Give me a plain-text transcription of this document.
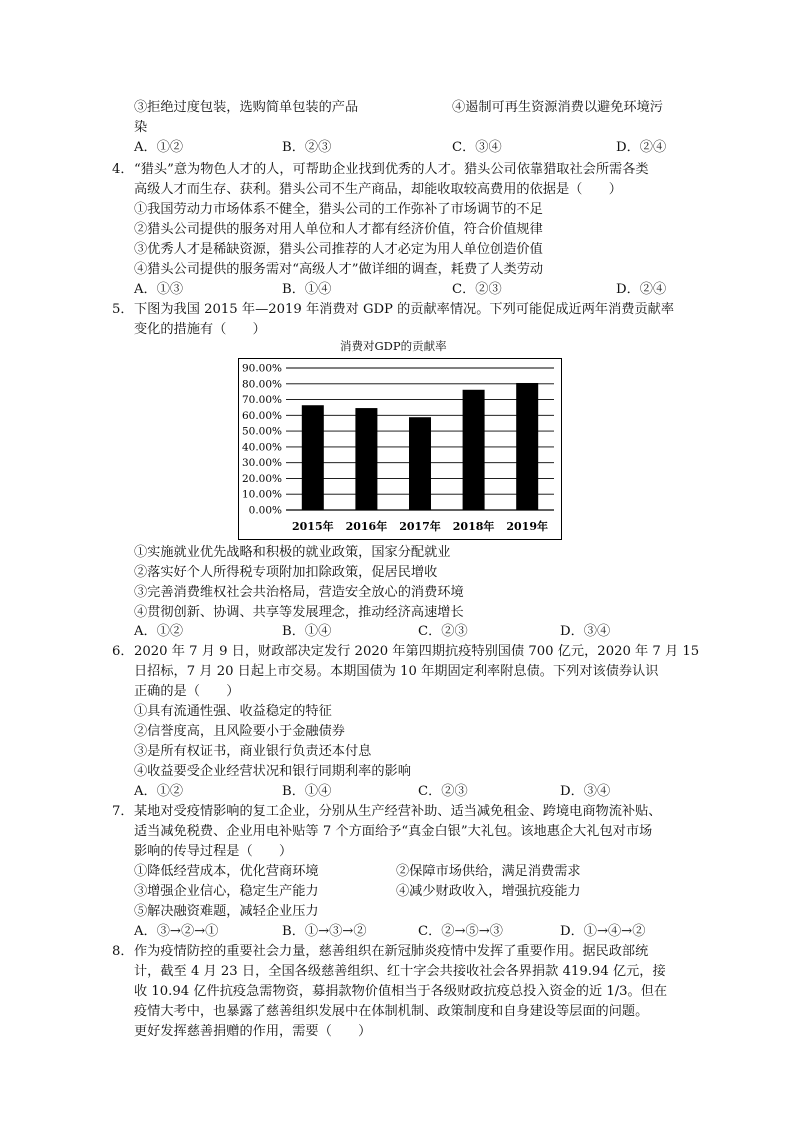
③拒绝过度包装，选购简单包装的产品	④遏制可再生资源消费以避免环境污
染
A．①②	B．②③	C．③④	D．②④
4． “猎头”意为物色人才的人，可帮助企业找到优秀的人才。猎头公司依靠猎取社会所需各类
高级人才而生存、获利。猎头公司不生产商品，却能收取较高费用的依据是（　　）
①我国劳动力市场体系不健全，猎头公司的工作弥补了市场调节的不足
②猎头公司提供的服务对用人单位和人才都有经济价值，符合价值规律
③优秀人才是稀缺资源，猎头公司推荐的人才必定为用人单位创造价值
④猎头公司提供的服务需对“高级人才”做详细的调查，耗费了人类劳动
A．①③	B．①④	C．②③	D．②④
5． 下图为我国 2015 年—2019 年消费对 GDP 的贡献率情况。下列可能促成近两年消费贡献率
变化的措施有（　　）
消费对GDP的贡献率
0.00%
10.00%
20.00%
30.00%
40.00%
50.00%
60.00%
70.00%
80.00%
90.00%
2015年 2016年 2017年 2018年 2019年
①实施就业优先战略和积极的就业政策，国家分配就业
②落实好个人所得税专项附加扣除政策，促居民增收
③完善消费维权社会共治格局，营造安全放心的消费环境
④贯彻创新、协调、共享等发展理念，推动经济高速增长
A．①②	B．①④	C．②③	D．③④
6． 2020 年 7 月 9 日，财政部决定发行 2020 年第四期抗疫特别国债 700 亿元，2020 年 7 月 15
日招标，7 月 20 日起上市交易。本期国债为 10 年期固定利率附息债。下列对该债券认识
正确的是（　　）
①具有流通性强、收益稳定的特征
②信誉度高，且风险要小于金融债券
③是所有权证书，商业银行负责还本付息
④收益要受企业经营状况和银行同期利率的影响
A．①②	B．①④	C．②③	D．③④
7． 某地对受疫情影响的复工企业，分别从生产经营补助、适当减免租金、跨境电商物流补贴、
适当减免税费、企业用电补贴等 7 个方面给予“真金白银”大礼包。该地惠企大礼包对市场
影响的传导过程是（　　）
①降低经营成本，优化营商环境	②保障市场供给，满足消费需求
③增强企业信心，稳定生产能力	④减少财政收入，增强抗疫能力
⑤解决融资难题，减轻企业压力
A．③→②→①	B．①→③→②	C．②→⑤→③	D．①→④→②
8． 作为疫情防控的重要社会力量，慈善组织在新冠肺炎疫情中发挥了重要作用。据民政部统
计，截至 4 月 23 日，全国各级慈善组织、红十字会共接收社会各界捐款 419.94 亿元，接
收 10.94 亿件抗疫急需物资，募捐款物价值相当于各级财政抗疫总投入资金的近 1/3。但在
疫情大考中，也暴露了慈善组织发展中在体制机制、政策制度和自身建设等层面的问题。
更好发挥慈善捐赠的作用，需要（　　）
